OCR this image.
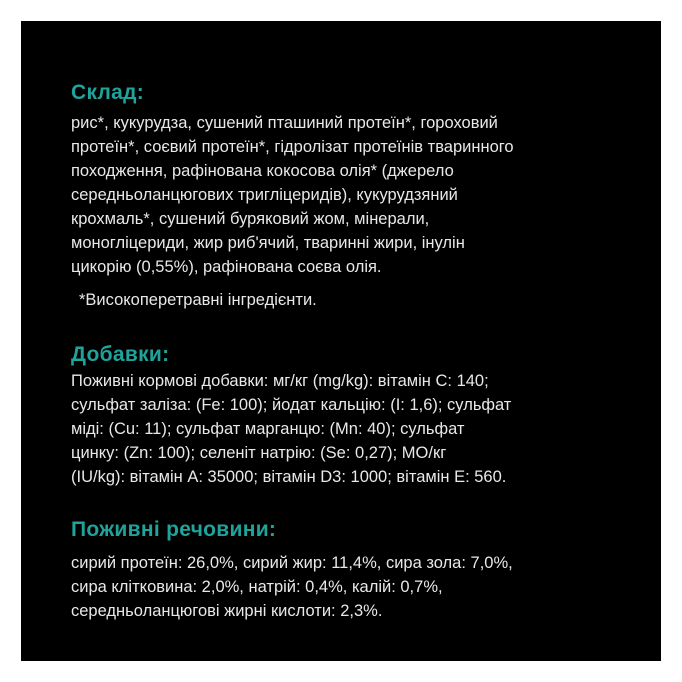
Склад:

рис*, кукурудза, сушений пташиний протеїн*, гороховий
протеїн*, соєвий протеїн*, гідролізат протеїнів тваринного
походження, рафінована кокосова олія* (джерело
середньоланцюгових тригліцеридів), кукурудзяний
крохмаль*, сушений буряковий жом, мінерали,
моногліцериди, жир риб'ячий, тваринні жири, інулін
цикорію (0,55%), рафінована соєва олія.

*Високоперетравні інгредієнти.

Добавки:

Поживні кормові добавки: мг/кг (mg/kg): вітамін С: 140;
сульфат заліза: (Fe: 100); йодат кальцію: (I: 1,6); сульфат
міді: (Cu: 11); сульфат марганцю: (Mn: 40); сульфат
цинку: (Zn: 100); селеніт натрію: (Se: 0,27); МО/кг
(IU/kg): вітамін А: 35000; вітамін D3: 1000; вітамін Е: 560.

Поживні речовини:

сирий протеїн: 26,0%, сирий жир: 11,4%, сира зола: 7,0%,
сира клітковина: 2,0%, натрій: 0,4%, калій: 0,7%,
середньоланцюгові жирні кислоти: 2,3%.
